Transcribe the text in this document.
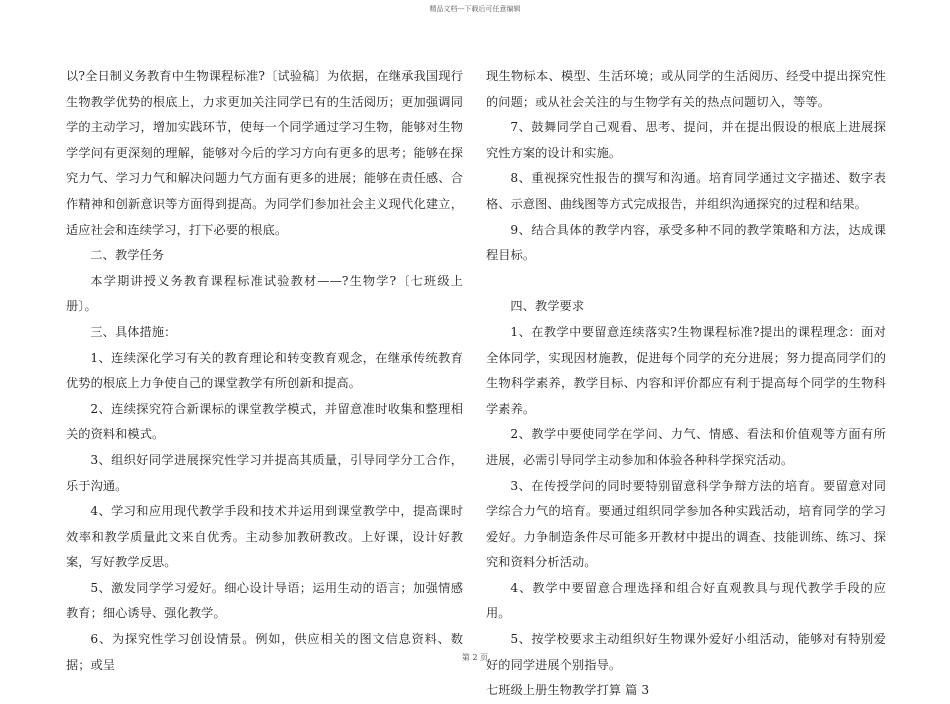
精品文档---下载后可任意编辑

以?全日制义务教育中生物课程标准?〔试验稿〕为依据，在继承我国现行生物教学优势的根底上，力求更加关注同学已有的生活阅历；更加强调同学的主动学习，增加实践环节，使每一个同学通过学习生物，能够对生物学学问有更深刻的理解，能够对今后的学习方向有更多的思考；能够在探究力气、学习力气和解决问题力气方面有更多的进展；能够在责任感、合作精神和创新意识等方面得到提高。为同学们参加社会主义现代化建立，适应社会和连续学习，打下必要的根底。

二、教学任务

本学期讲授义务教育课程标准试验教材——?生物学?〔七班级上册〕。

三、具体措施：

1、连续深化学习有关的教育理论和转变教育观念，在继承传统教育优势的根底上力争使自己的课堂教学有所创新和提高。

2、连续探究符合新课标的课堂教学模式，并留意准时收集和整理相关的资料和模式。

3、组织好同学进展探究性学习并提高其质量，引导同学分工合作，乐于沟通。

4、学习和应用现代教学手段和技术并运用到课堂教学中，提高课时效率和教学质量此文来自优秀。主动参加教研教改。上好课，设计好教案，写好教学反思。

5、激发同学学习爱好。细心设计导语；运用生动的语言；加强情感教育；细心诱导、强化教学。

6、为探究性学习创设情景。例如，供应相关的图文信息资料、数据；或呈

现生物标本、模型、生活环境；或从同学的生活阅历、经受中提出探究性的问题；或从社会关注的与生物学有关的热点问题切入，等等。

7、鼓舞同学自己观看、思考、提问，并在提出假设的根底上进展探究性方案的设计和实施。

8、重视探究性报告的撰写和沟通。培育同学通过文字描述、数字表格、示意图、曲线图等方式完成报告，并组织沟通探究的过程和结果。

9、结合具体的教学内容，承受多种不同的教学策略和方法，达成课程目标。

四、教学要求

1、在教学中要留意连续落实?生物课程标准?提出的课程理念：面对全体同学，实现因材施教，促进每个同学的充分进展；努力提高同学们的生物科学素养，教学目标、内容和评价都应有利于提高每个同学的生物科学素养。

2、教学中要使同学在学问、力气、情感、看法和价值观等方面有所进展，必需引导同学主动参加和体验各种科学探究活动。

3、在传授学问的同时要特别留意科学争辩方法的培育。要留意对同学综合力气的培育。要通过组织同学参加各种实践活动，培育同学的学习爱好。力争制造条件尽可能多开教材中提出的调查、技能训练、练习、探究和资料分析活动。

4、教学中要留意合理选择和组合好直观教具与现代教学手段的应用。

5、按学校要求主动组织好生物课外爱好小组活动，能够对有特别爱好的同学进展个别指导。

七班级上册生物教学打算 篇 3

第 2 页
